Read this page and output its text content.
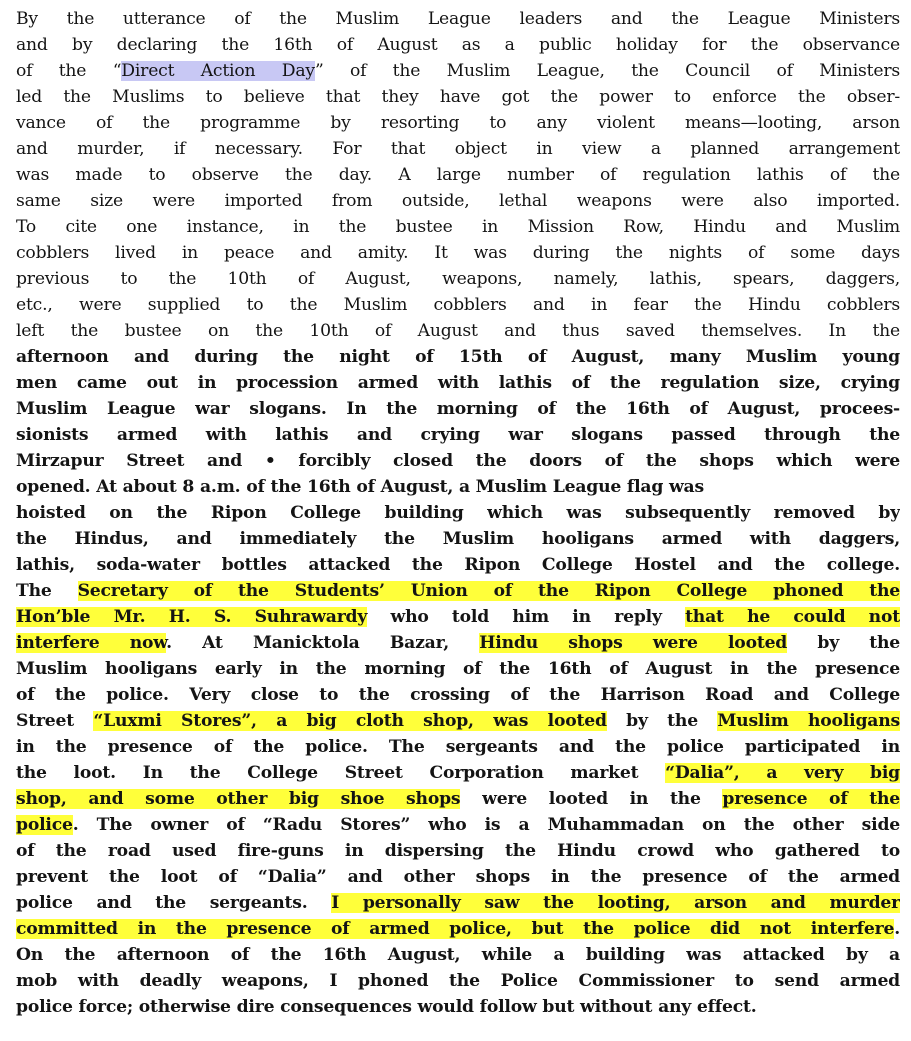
By the utterance of the Muslim League leaders and the League Ministers
and by declaring the 16th of August as a public holiday for the observance
of the “Direct Action Day” of the Muslim League, the Council of Ministers
led the Muslims to believe that they have got the power to enforce the obser-
vance of the programme by resorting to any violent means—looting, arson
and murder, if necessary. For that object in view a planned arrangement
was made to observe the day. A large number of regulation lathis of the
same size were imported from outside, lethal weapons were also imported.
To cite one instance, in the bustee in Mission Row, Hindu and Muslim
cobblers lived in peace and amity. It was during the nights of some days
previous to the 10th of August, weapons, namely, lathis, spears, daggers,
etc., were supplied to the Muslim cobblers and in fear the Hindu cobblers
left the bustee on the 10th of August and thus saved themselves. In the
afternoon and during the night of 15th of August, many Muslim young
men came out in procession armed with lathis of the regulation size, crying
Muslim League war slogans. In the morning of the 16th of August, procees-
sionists armed with lathis and crying war slogans passed through the
Mirzapur Street and • forcibly closed the doors of the shops which were
opened. At about 8 a.m. of the 16th of August, a Muslim League flag was
hoisted on the Ripon College building which was subsequently removed by
the Hindus, and immediately the Muslim hooligans armed with daggers,
lathis, soda-water bottles attacked the Ripon College Hostel and the college.
The Secretary of the Students’ Union of the Ripon College phoned the
Hon’ble Mr. H. S. Suhrawardy who told him in reply that he could not
interfere now. At Manicktola Bazar, Hindu shops were looted by the
Muslim hooligans early in the morning of the 16th of August in the presence
of the police. Very close to the crossing of the Harrison Road and College
Street “Luxmi Stores”, a big cloth shop, was looted by the Muslim hooligans
in the presence of the police. The sergeants and the police participated in
the loot. In the College Street Corporation market “Dalia”, a very big
shop, and some other big shoe shops were looted in the presence of the
police. The owner of “Radu Stores” who is a Muhammadan on the other side
of the road used fire-guns in dispersing the Hindu crowd who gathered to
prevent the loot of “Dalia” and other shops in the presence of the armed
police and the sergeants. I personally saw the looting, arson and murder
committed in the presence of armed police, but the police did not interfere.
On the afternoon of the 16th August, while a building was attacked by a
mob with deadly weapons, I phoned the Police Commissioner to send armed
police force; otherwise dire consequences would follow but without any effect.
